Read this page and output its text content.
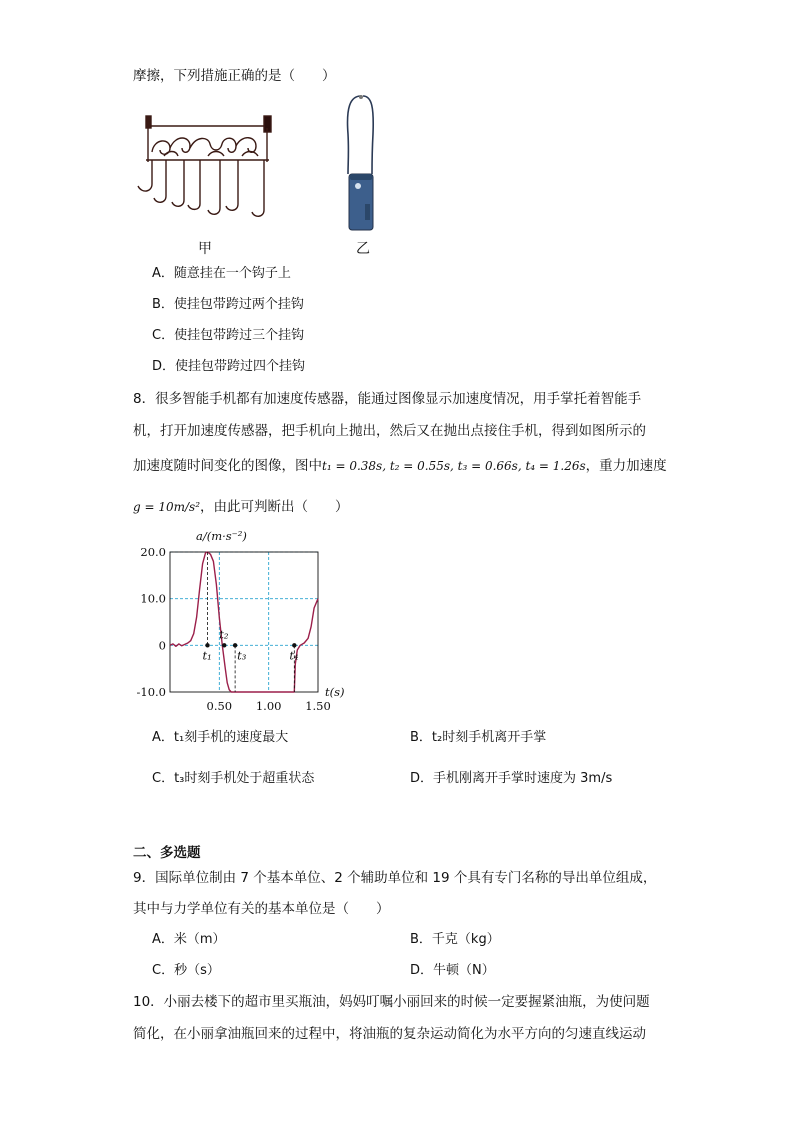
摩擦，下列措施正确的是（　　）
甲	乙
A．随意挂在一个钩子上
B．使挂包带跨过两个挂钩
C．使挂包带跨过三个挂钩
D．使挂包带跨过四个挂钩
8．很多智能手机都有加速度传感器，能通过图像显示加速度情况，用手掌托着智能手
机，打开加速度传感器，把手机向上抛出，然后又在抛出点接住手机，得到如图所示的
加速度随时间变化的图像，图中t₁ = 0.38s, t₂ = 0.55s, t₃ = 0.66s, t₄ = 1.26s，重力加速度
g = 10m/s²，由此可判断出（　　）
20.0
10.0
0
-10.0
0.50 1.00 1.50
t₁
t₂
t₃	t₄
a/(m·s⁻²)
t(s)
A．t₁刻手机的速度最大	B．t₂时刻手机离开手掌
C．t₃时刻手机处于超重状态	D．手机刚离开手掌时速度为 3m/s
二、多选题
9．国际单位制由 7 个基本单位、2 个辅助单位和 19 个具有专门名称的导出单位组成，
其中与力学单位有关的基本单位是（　　）
A．米（m）	B．千克（kg）
C．秒（s）	D．牛顿（N）
10．小丽去楼下的超市里买瓶油，妈妈叮嘱小丽回来的时候一定要握紧油瓶，为使问题
简化，在小丽拿油瓶回来的过程中，将油瓶的复杂运动简化为水平方向的匀速直线运动
